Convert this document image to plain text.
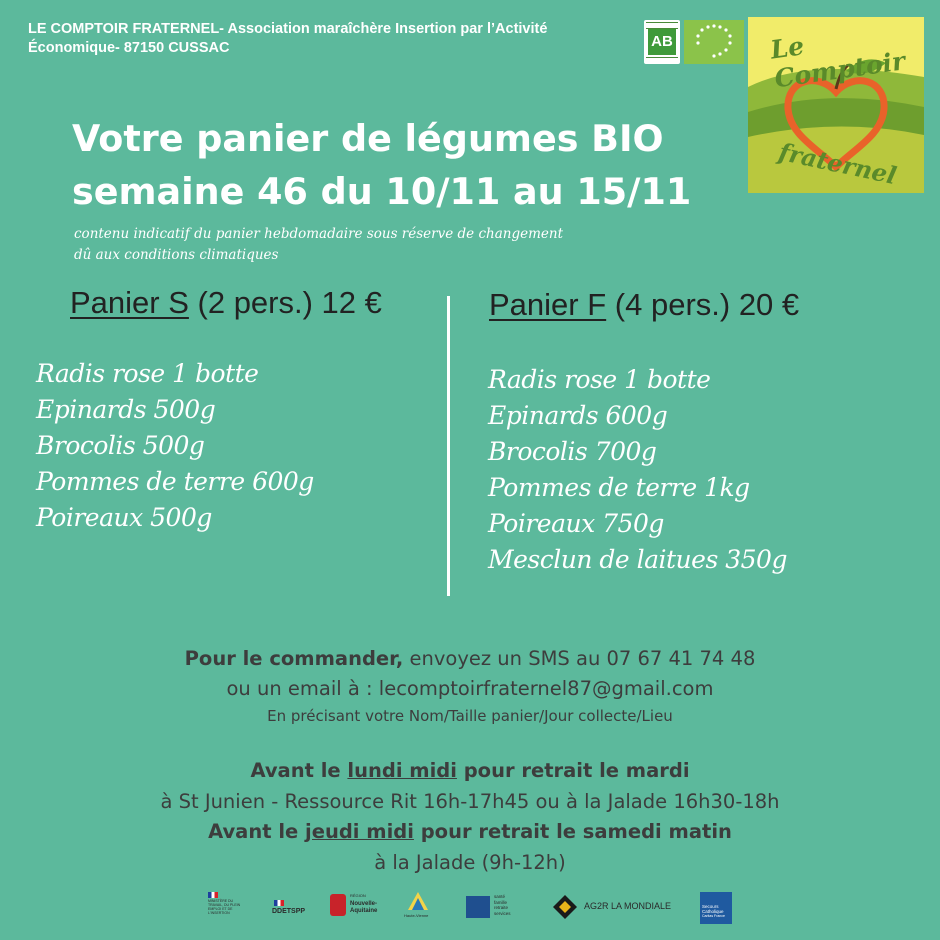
LE COMPTOIR FRATERNEL- Association maraîchère Insertion par l’Activité
Économique- 87150 CUSSAC	AB	Le Comptoir
fraternel
Votre panier de légumes BIO
semaine 46 du 10/11 au 15/11
contenu indicatif du panier hebdomadaire sous réserve de changement
dû aux conditions climatiques
Panier S (2 pers.) 12 €	Panier F (4 pers.) 20 €
Radis rose 1 botte
Epinards 500g
Brocolis 500g
Pommes de terre 600g
Poireaux 500g
Radis rose 1 botte
Epinards 600g
Brocolis 700g
Pommes de terre 1kg
Poireaux 750g
Mesclun de laitues 350g
Pour le commander, envoyez un SMS au 07 67 41 74 48
ou un email à : lecomptoirfraternel87@gmail.com
En précisant votre Nom/Taille panier/Jour collecte/Lieu
Avant le lundi midi pour retrait le mardi
à St Junien - Ressource Rit 16h-17h45 ou à la Jalade 16h30-18h
Avant le jeudi midi pour retrait le samedi matin
à la Jalade (9h-12h)
MINISTÈRE DU TRAVAIL, DU PLEIN EMPLOI ET DE L'INSERTION	DDETSPP
RÉGION
Nouvelle-Aquitaine
Haute-Vienne
santé
famille
retraite
services
AG2R LA MONDIALE	Secours
Catholique
Caritas France
